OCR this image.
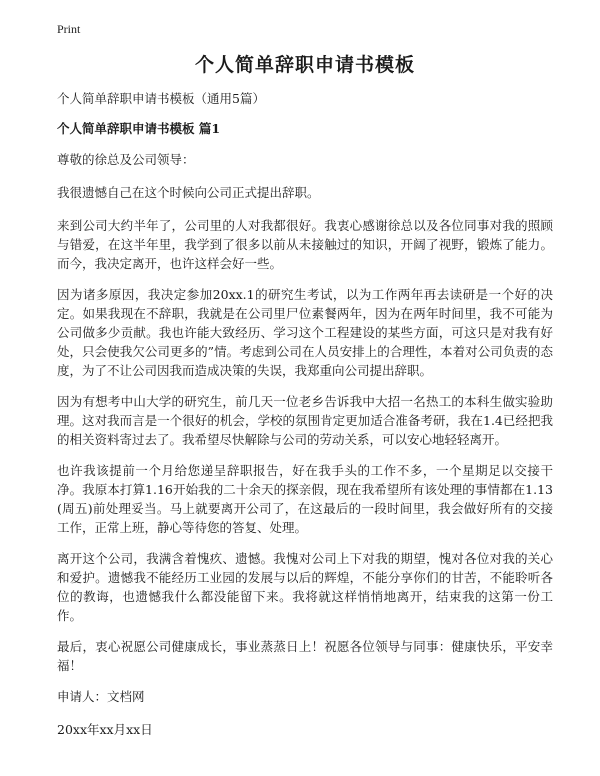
Print
个人简单辞职申请书模板
个人简单辞职申请书模板（通用5篇）
个人简单辞职申请书模板 篇1
尊敬的徐总及公司领导：
我很遗憾自己在这个时候向公司正式提出辞职。
来到公司大约半年了，公司里的人对我都很好。我衷心感谢徐总以及各位同事对我的照顾与错爱，在这半年里，我学到了很多以前从未接触过的知识，开阔了视野，锻炼了能力。而今，我决定离开，也许这样会好一些。
因为诸多原因，我决定参加20xx.1的研究生考试，以为工作两年再去读研是一个好的决定。如果我现在不辞职，我就是在公司里尸位素餐两年，因为在两年时间里，我不可能为公司做多少贡献。我也许能大致经历、学习这个工程建设的某些方面，可这只是对我有好处，只会使我欠公司更多的”情。考虑到公司在人员安排上的合理性，本着对公司负责的态度，为了不让公司因我而造成决策的失误，我郑重向公司提出辞职。
因为有想考中山大学的研究生，前几天一位老乡告诉我中大招一名热工的本科生做实验助理。这对我而言是一个很好的机会，学校的氛围肯定更加适合准备考研，我在1.4已经把我的相关资料寄过去了。我希望尽快解除与公司的劳动关系，可以安心地轻轻离开。
也许我该提前一个月给您递呈辞职报告，好在我手头的工作不多，一个星期足以交接干净。我原本打算1.16开始我的二十余天的探亲假，现在我希望所有该处理的事情都在1.13(周五)前处理妥当。马上就要离开公司了，在这最后的一段时间里，我会做好所有的交接工作，正常上班，静心等待您的答复、处理。
离开这个公司，我满含着愧疚、遗憾。我愧对公司上下对我的期望，愧对各位对我的关心和爱护。遗憾我不能经历工业园的发展与以后的辉煌，不能分享你们的甘苦，不能聆听各位的教诲，也遗憾我什么都没能留下来。我将就这样悄悄地离开，结束我的这第一份工作。
最后，衷心祝愿公司健康成长，事业蒸蒸日上！祝愿各位领导与同事：健康快乐，平安幸福！
申请人：文档网
20xx年xx月xx日
